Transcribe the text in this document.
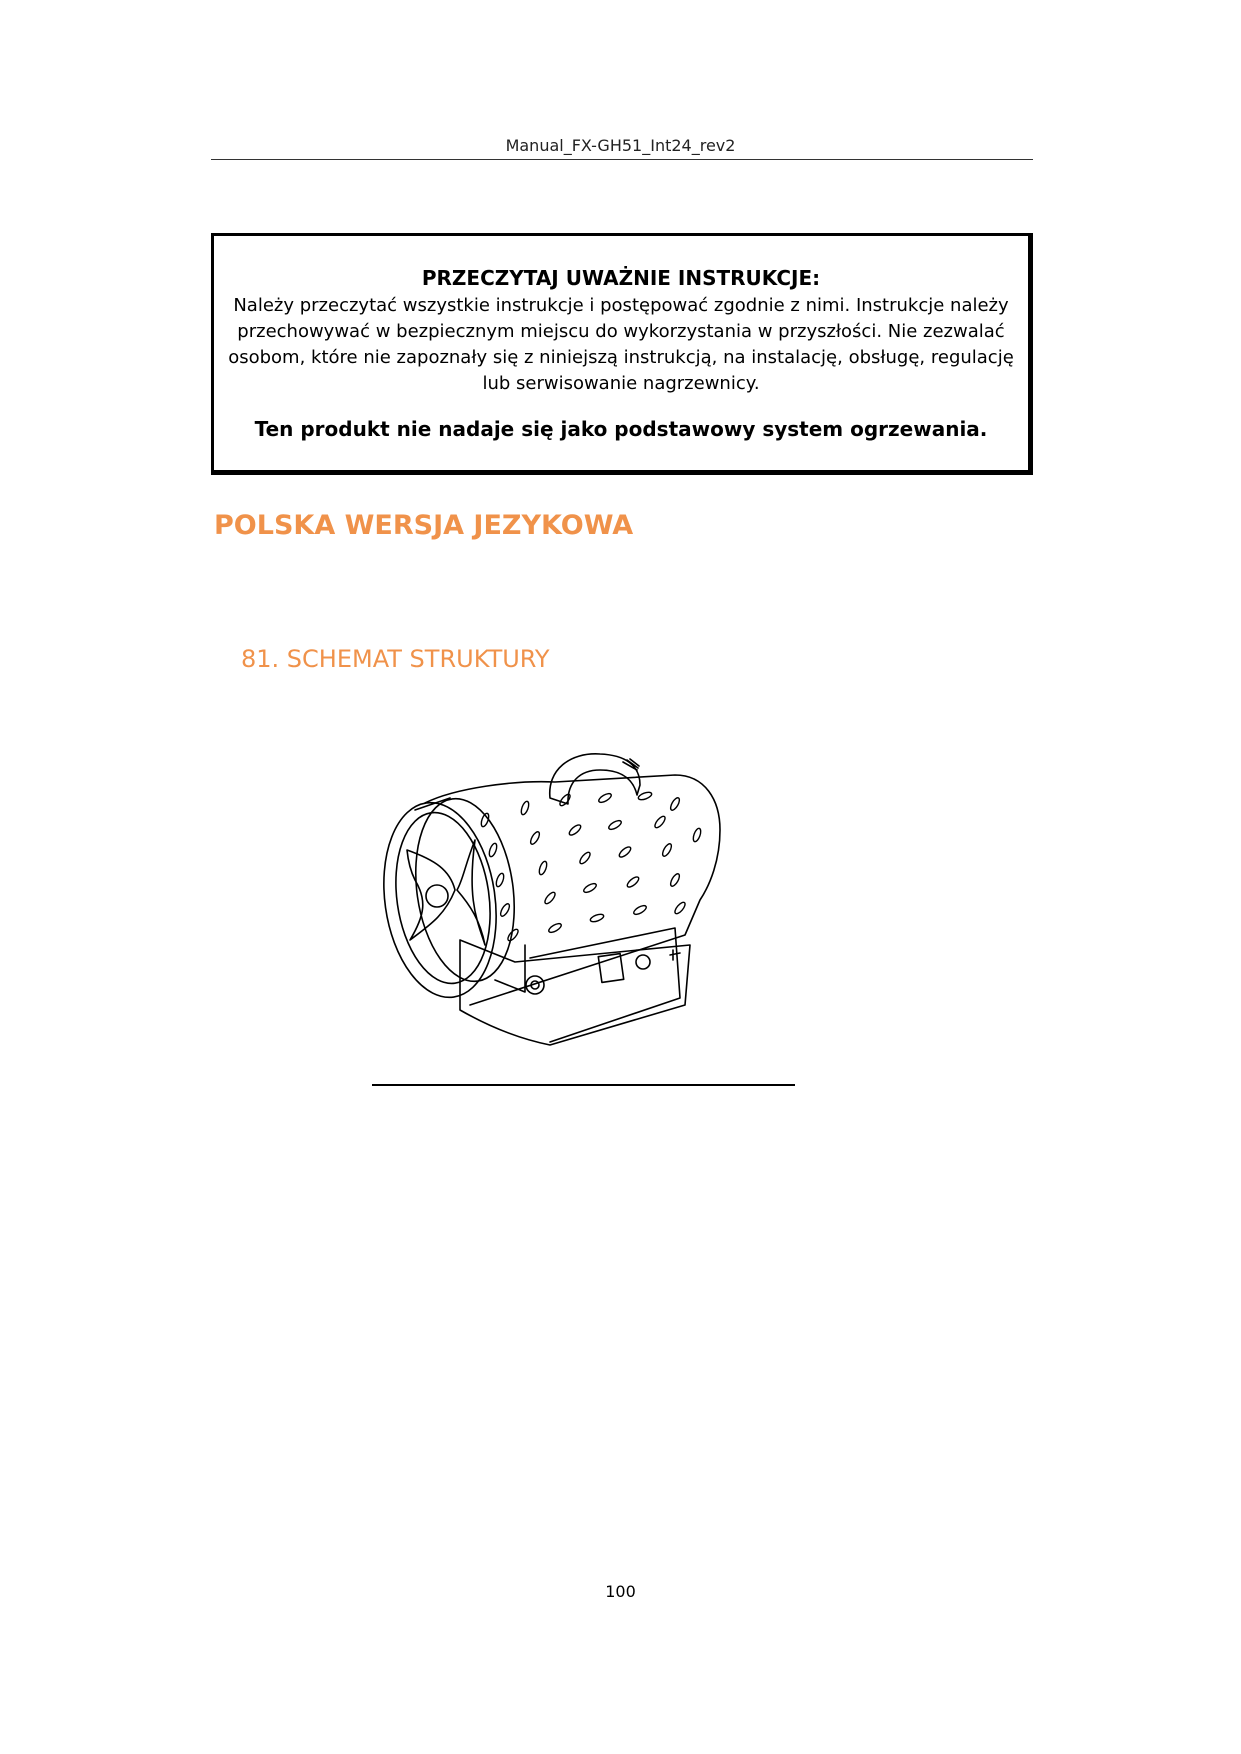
Manual_FX-GH51_Int24_rev2
PRZECZYTAJ UWAŻNIE INSTRUKCJE:
Należy przeczytać wszystkie instrukcje i postępować zgodnie z nimi. Instrukcje należy przechowywać w bezpiecznym miejscu do wykorzystania w przyszłości. Nie zezwalać osobom, które nie zapoznały się z niniejszą instrukcją, na instalację, obsługę, regulację lub serwisowanie nagrzewnicy.
Ten produkt nie nadaje się jako podstawowy system ogrzewania.
POLSKA WERSJA JEZYKOWA
81. SCHEMAT STRUKTURY
100
